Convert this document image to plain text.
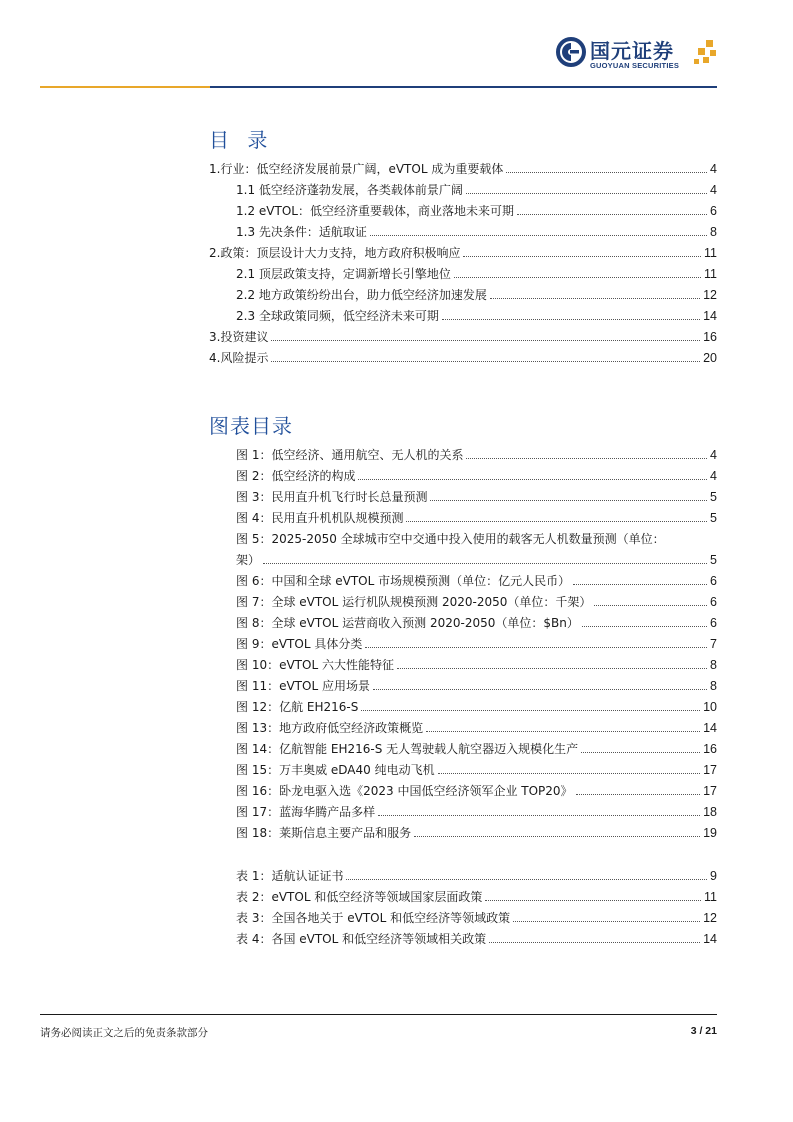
国元证券
GUOYUAN SECURITIES
目 录
1.行业：低空经济发展前景广阔，eVTOL 成为重要载体	4
1.1 低空经济蓬勃发展，各类载体前景广阔	4
1.2 eVTOL：低空经济重要载体，商业落地未来可期	6
1.3 先决条件：适航取证	8
2.政策：顶层设计大力支持，地方政府积极响应	11
2.1 顶层政策支持，定调新增长引擎地位	11
2.2 地方政策纷纷出台，助力低空经济加速发展	12
2.3 全球政策同频，低空经济未来可期	14
3.投资建议	16
4.风险提示	20
图表目录
图 1：低空经济、通用航空、无人机的关系	4
图 2：低空经济的构成	4
图 3：民用直升机飞行时长总量预测	5
图 4：民用直升机机队规模预测	5
图 5：2025-2050 全球城市空中交通中投入使用的载客无人机数量预测（单位：
架）	5
图 6：中国和全球 eVTOL 市场规模预测（单位：亿元人民币）	6
图 7：全球 eVTOL 运行机队规模预测 2020-2050（单位：千架）	6
图 8：全球 eVTOL 运营商收入预测 2020-2050（单位：$Bn）	6
图 9：eVTOL 具体分类	7
图 10：eVTOL 六大性能特征	8
图 11：eVTOL 应用场景	8
图 12：亿航 EH216-S	10
图 13：地方政府低空经济政策概览	14
图 14：亿航智能 EH216-S 无人驾驶载人航空器迈入规模化生产	16
图 15：万丰奥威 eDA40 纯电动飞机	17
图 16：卧龙电驱入选《2023 中国低空经济领军企业 TOP20》	17
图 17：蓝海华腾产品多样	18
图 18：莱斯信息主要产品和服务	19
表 1：适航认证证书	9
表 2：eVTOL 和低空经济等领域国家层面政策	11
表 3：全国各地关于 eVTOL 和低空经济等领域政策	12
表 4：各国 eVTOL 和低空经济等领域相关政策	14
请务必阅读正文之后的免责条款部分	3 / 21
